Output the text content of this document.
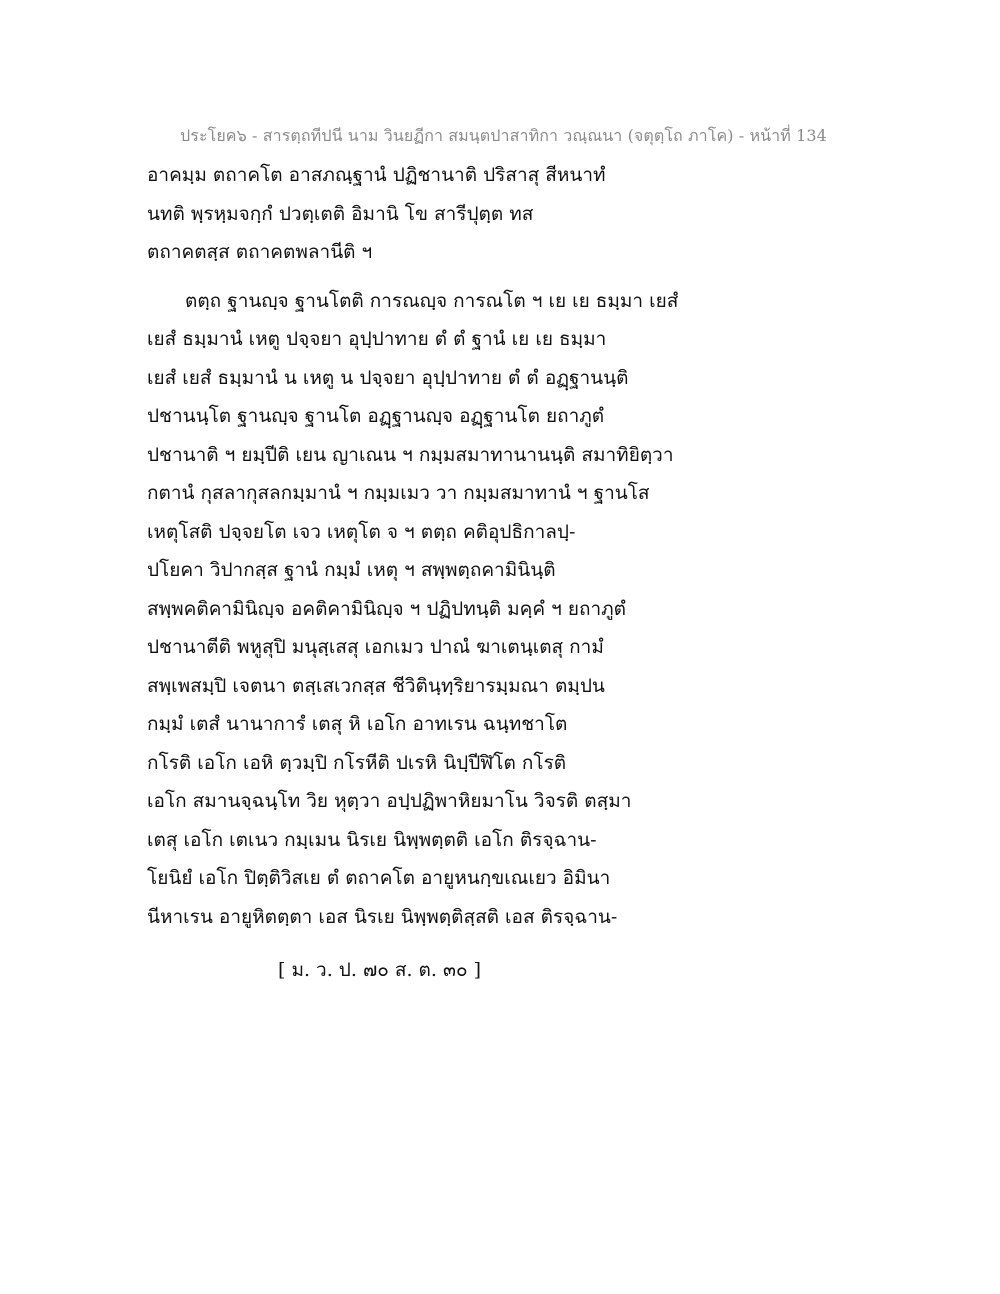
ประโยค๖ - สารตฺถทีปนี นาม วินยฏีกา สมนฺตปาสาทิกา วณฺณนา (จตุตฺโถ ภาโค) - หน้าที่ 134
อาคมฺม ตถาคโต อาสภณฺฐานํ ปฏิชานาติ ปริสาสุ สีหนาทํ
นทติ พฺรหฺมจกฺกํ ปวตฺเตติ อิมานิ โข สารีปุตฺต ทส
ตถาคตสฺส ตถาคตพลานีติ ฯ
ตตฺถ ฐานญฺจ ฐานโตติ การณญฺจ การณโต ฯ เย เย ธมฺมา เยสํ
เยสํ ธมฺมานํ เหตู ปจฺจยา อุปฺปาทาย ตํ ตํ ฐานํ เย เย ธมฺมา
เยสํ เยสํ ธมฺมานํ น เหตู น ปจฺจยา อุปฺปาทาย ตํ ตํ อฏฺฐานนฺติ
ปชานนฺโต ฐานญฺจ ฐานโต อฏฺฐานญฺจ อฏฺฐานโต ยถาภูตํ
ปชานาติ ฯ ยมฺปีติ เยน ญาเณน ฯ กมฺมสมาทานานนฺติ สมาทิยิตฺวา
กตานํ กุสลากุสลกมฺมานํ ฯ กมฺมเมว วา กมฺมสมาทานํ ฯ ฐานโส
เหตุโสติ ปจฺจยโต เจว เหตุโต จ ฯ ตตฺถ คติอุปธิกาลปฺ-
ปโยคา วิปากสฺส ฐานํ กมฺมํ เหตุ ฯ สพฺพตฺถคามินินฺติ
สพฺพคติคามินิญฺจ อคติคามินิญฺจ ฯ ปฏิปทนฺติ มคฺคํ ฯ ยถาภูตํ
ปชานาตีติ พหูสุปิ มนุสฺเสสุ เอกเมว ปาณํ ฆาเตนฺเตสุ กามํ
สพฺเพสมฺปิ เจตนา ตสฺเสเวกสฺส ชีวิตินฺทฺริยารมฺมณา ตมฺปน
กมฺมํ เตสํ นานาการํ เตสุ หิ เอโก อาทเรน ฉนฺทชาโต
กโรติ เอโก เอหิ ตฺวมฺปิ กโรหีติ ปเรหิ นิปฺปีฬิโต กโรติ
เอโก สมานจฺฉนฺโท วิย หุตฺวา อปฺปฏิพาหิยมาโน วิจรติ ตสฺมา
เตสุ เอโก เตเนว กมฺเมน นิรเย นิพฺพตฺตติ เอโก ติรจฺฉาน-
โยนิยํ เอโก ปิตฺติวิสเย ตํ ตถาคโต อายูหนกฺขเณเยว อิมินา
นีหาเรน อายูหิตตฺตา เอส นิรเย นิพฺพตฺติสฺสติ เอส ติรจฺฉาน-
[ ม. ว. ป. ๗๐ ส. ต. ๓๐ ]
